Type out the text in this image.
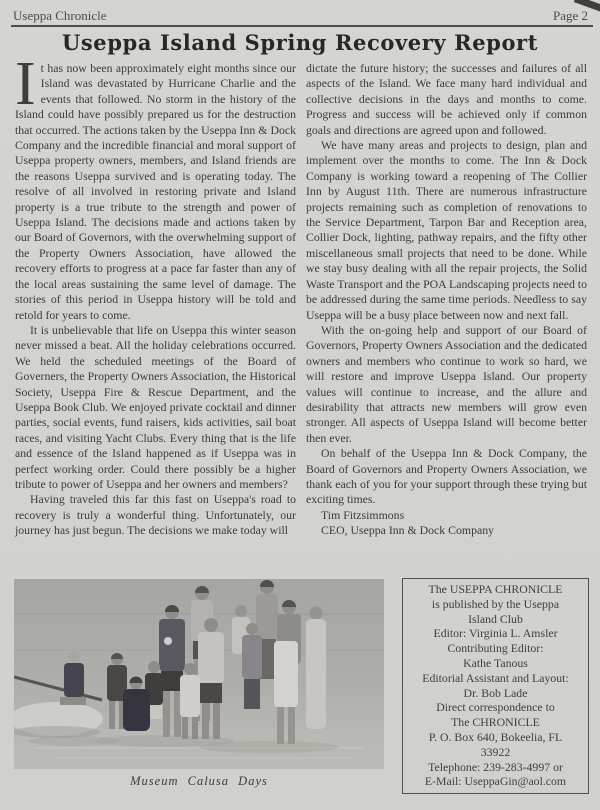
Useppa Chronicle	Page 2
Useppa Island Spring Recovery Report

It has now been approximately eight months since our Island was devastated by Hurricane Charlie and the events that followed. No storm in the history of the Island could have possibly prepared us for the destruction that occurred. The actions taken by the Useppa Inn & Dock Company and the incredible financial and moral support of Useppa property owners, members, and Island friends are the reasons Useppa survived and is operating today. The resolve of all involved in restoring private and Island property is a true tribute to the strength and power of Useppa Island. The decisions made and actions taken by our Board of Governors, with the overwhelming support of the Property Owners Association, have allowed the recovery efforts to progress at a pace far faster than any of the local areas sustaining the same level of damage. The stories of this period in Useppa history will be told and retold for years to come.

It is unbelievable that life on Useppa this winter season never missed a beat. All the holiday celebrations occurred. We held the scheduled meetings of the Board of Governers, the Property Owners Association, the Historical Society, Useppa Fire & Rescue Department, and the Useppa Book Club. We enjoyed private cocktail and dinner parties, social events, fund raisers, kids activities, sail boat races, and visiting Yacht Clubs. Every thing that is the life and essence of the Island happened as if Useppa was in perfect working order. Could there possibly be a higher tribute to power of Useppa and her owners and members?

Having traveled this far this fast on Useppa's road to recovery is truly a wonderful thing. Unfortunately, our journey has just begun. The decisions we make today will

dictate the future history; the successes and failures of all aspects of the Island. We face many hard individual and collective decisions in the days and months to come. Progress and success will be achieved only if common goals and directions are agreed upon and followed.

We have many areas and projects to design, plan and implement over the months to come. The Inn & Dock Company is working toward a reopening of The Collier Inn by August 11th. There are numerous infrastructure projects remaining such as completion of renovations to the Service Department, Tarpon Bar and Reception area, Collier Dock, lighting, pathway repairs, and the fifty other miscellaneous small projects that need to be done. While we stay busy dealing with all the repair projects, the Solid Waste Transport and the POA Landscaping projects need to be addressed during the same time periods. Needless to say Useppa will be a busy place between now and next fall.

With the on-going help and support of our Board of Governors, Property Owners Association and the dedicated owners and members who continue to work so hard, we will restore and improve Useppa Island. Our property values will continue to increase, and the allure and desirability that attracts new members will grow even stronger. All aspects of Useppa Island will become better then ever.

On behalf of the Useppa Inn & Dock Company, the Board of Governors and Property Owners Association, we thank each of you for your support through these trying but exciting times.

Tim Fitzsimmons

CEO, Useppa Inn & Dock Company

Museum Calusa Days
The USEPPA CHRONICLE
is published by the Useppa
Island Club
Editor: Virginia L. Amsler
Contributing Editor:
Kathe Tanous
Editorial Assistant and Layout:
Dr. Bob Lade
Direct correspondence to
The CHRONICLE
P. O. Box 640, Bokeelia, FL
33922
Telephone: 239-283-4997 or
E-Mail: UseppaGin@aol.com
